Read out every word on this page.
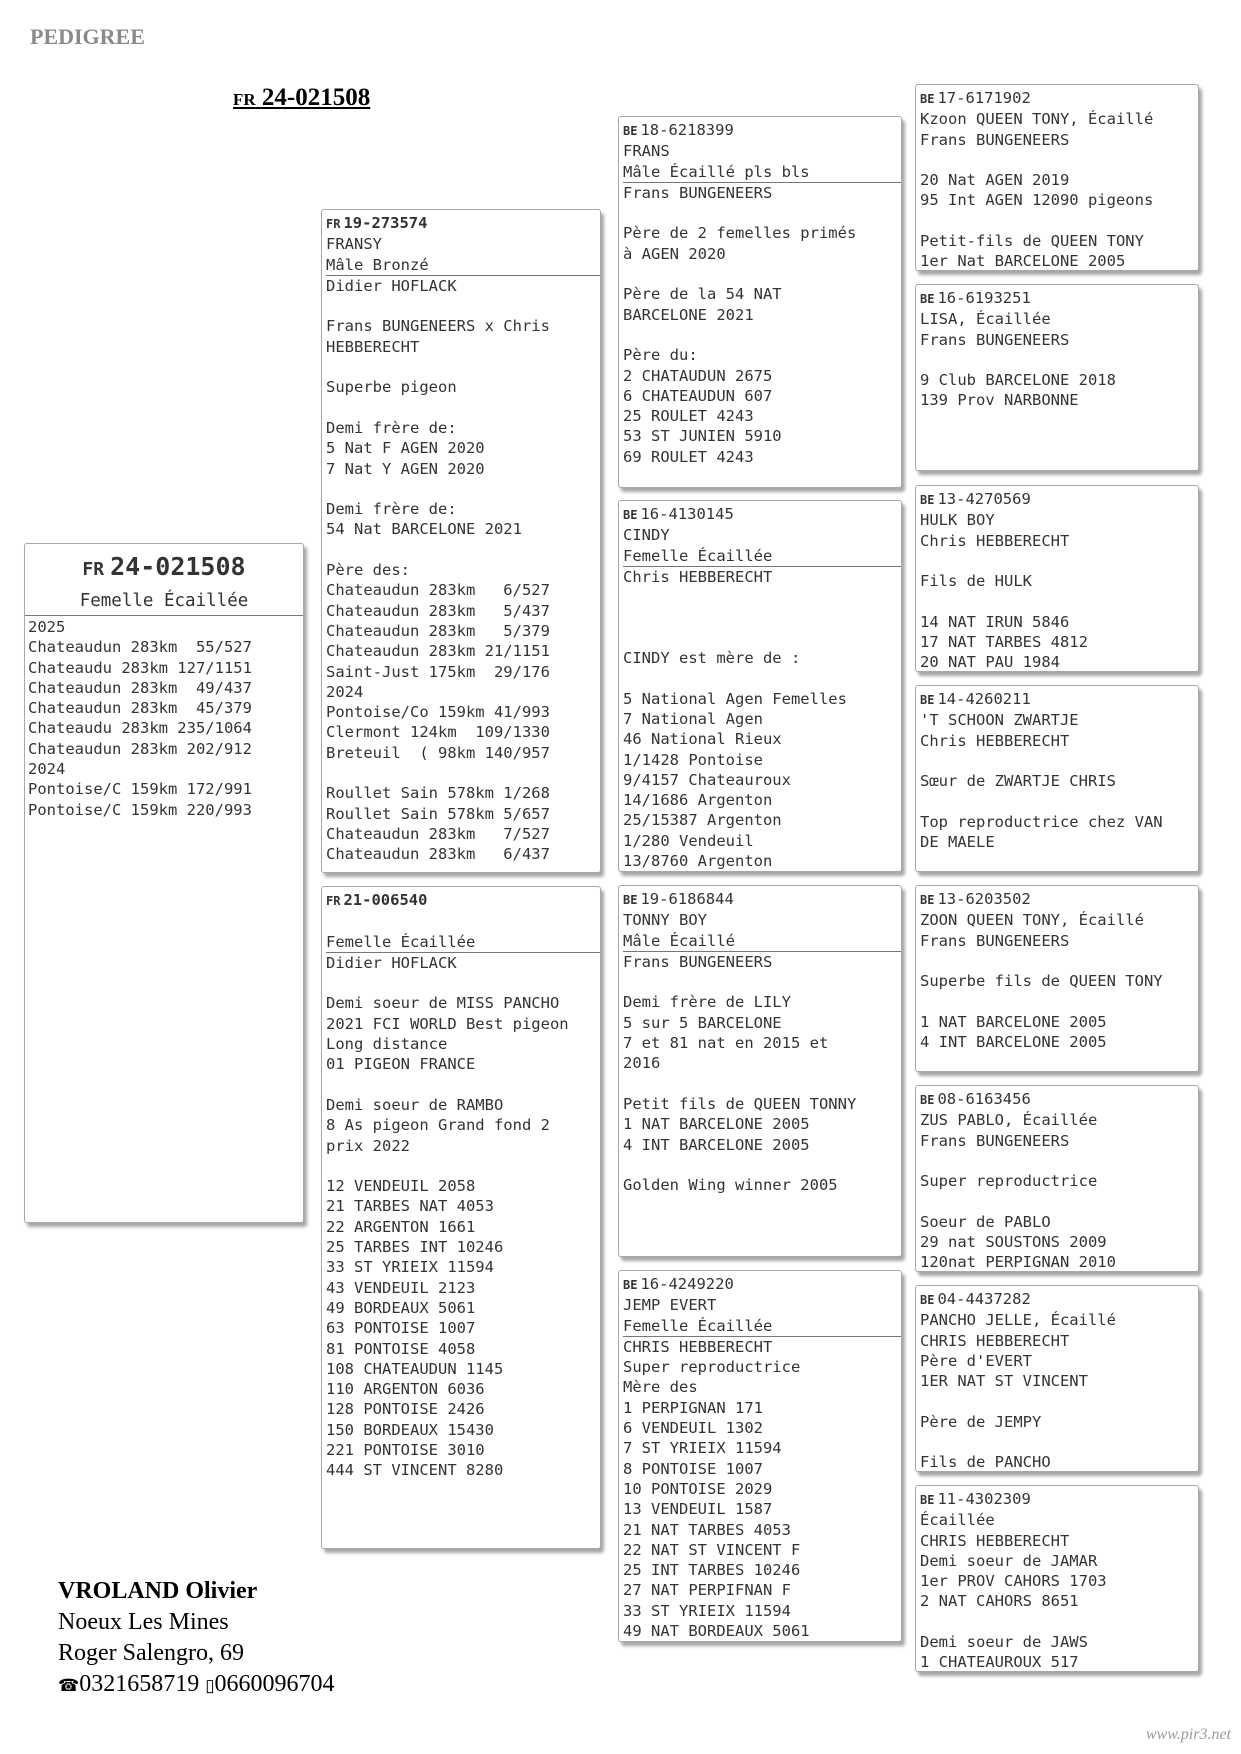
PEDIGREE
FR 24-021508
FR 24-021508
Femelle Écaillée
2025
Chateaudun 283km  55/527
Chateaudu 283km 127/1151
Chateaudun 283km  49/437
Chateaudun 283km  45/379
Chateaudu 283km 235/1064
Chateaudun 283km 202/912
2024
Pontoise/C 159km 172/991
Pontoise/C 159km 220/993
FR 19-273574
FRANSY
Mâle Bronzé
Didier HOFLACK
Frans BUNGENEERS x Chris
HEBBERECHT
Superbe pigeon
Demi frère de:
5 Nat F AGEN 2020
7 Nat Y AGEN 2020
Demi frère de:
54 Nat BARCELONE 2021
Père des:
Chateaudun 283km   6/527
Chateaudun 283km   5/437
Chateaudun 283km   5/379
Chateaudun 283km 21/1151
Saint-Just 175km  29/176
2024
Pontoise/Co 159km 41/993
Clermont 124km  109/1330
Breteuil  ( 98km 140/957
Roullet Sain 578km 1/268
Roullet Sain 578km 5/657
Chateaudun 283km   7/527
Chateaudun 283km   6/437
FR 21-006540
Femelle Écaillée
Didier HOFLACK
Demi soeur de MISS PANCHO
2021 FCI WORLD Best pigeon
Long distance
01 PIGEON FRANCE
Demi soeur de RAMBO
8 As pigeon Grand fond 2
prix 2022
12 VENDEUIL 2058
21 TARBES NAT 4053
22 ARGENTON 1661
25 TARBES INT 10246
33 ST YRIEIX 11594
43 VENDEUIL 2123
49 BORDEAUX 5061
63 PONTOISE 1007
81 PONTOISE 4058
108 CHATEAUDUN 1145
110 ARGENTON 6036
128 PONTOISE 2426
150 BORDEAUX 15430
221 PONTOISE 3010
444 ST VINCENT 8280
BE 18-6218399
FRANS
Mâle Écaillé pls bls
Frans BUNGENEERS
Père de 2 femelles primés
à AGEN 2020
Père de la 54 NAT
BARCELONE 2021
Père du:
2 CHATAUDUN 2675
6 CHATEAUDUN 607
25 ROULET 4243
53 ST JUNIEN 5910
69 ROULET 4243
BE 16-4130145
CINDY
Femelle Écaillée
Chris HEBBERECHT
CINDY est mère de :
5 National Agen Femelles
7 National Agen
46 National Rieux
1/1428 Pontoise
9/4157 Chateauroux
14/1686 Argenton
25/15387 Argenton
1/280 Vendeuil
13/8760 Argenton
BE 19-6186844
TONNY BOY
Mâle Écaillé
Frans BUNGENEERS
Demi frère de LILY
5 sur 5 BARCELONE
7 et 81 nat en 2015 et
2016
Petit fils de QUEEN TONNY
1 NAT BARCELONE 2005
4 INT BARCELONE 2005
Golden Wing winner 2005
BE 16-4249220
JEMP EVERT
Femelle Écaillée
CHRIS HEBBERECHT
Super reproductrice
Mère des
1 PERPIGNAN 171
6 VENDEUIL 1302
7 ST YRIEIX 11594
8 PONTOISE 1007
10 PONTOISE 2029
13 VENDEUIL 1587
21 NAT TARBES 4053
22 NAT ST VINCENT F
25 INT TARBES 10246
27 NAT PERPIFNAN F
33 ST YRIEIX 11594
49 NAT BORDEAUX 5061
BE 17-6171902
Kzoon QUEEN TONY, Écaillé
Frans BUNGENEERS
20 Nat AGEN 2019
95 Int AGEN 12090 pigeons
Petit-fils de QUEEN TONY
1er Nat BARCELONE 2005
BE 16-6193251
LISA, Écaillée
Frans BUNGENEERS
9 Club BARCELONE 2018
139 Prov NARBONNE
BE 13-4270569
HULK BOY
Chris HEBBERECHT
Fils de HULK
14 NAT IRUN 5846
17 NAT TARBES 4812
20 NAT PAU 1984
BE 14-4260211
'T SCHOON ZWARTJE
Chris HEBBERECHT
Sœur de ZWARTJE CHRIS
Top reproductrice chez VAN
DE MAELE
BE 13-6203502
ZOON QUEEN TONY, Écaillé
Frans BUNGENEERS
Superbe fils de QUEEN TONY
1 NAT BARCELONE 2005
4 INT BARCELONE 2005
BE 08-6163456
ZUS PABLO, Écaillée
Frans BUNGENEERS
Super reproductrice
Soeur de PABLO
29 nat SOUSTONS 2009
120nat PERPIGNAN 2010
BE 04-4437282
PANCHO JELLE, Écaillé
CHRIS HEBBERECHT
Père d'EVERT
1ER NAT ST VINCENT
Père de JEMPY
Fils de PANCHO
BE 11-4302309
Écaillée
CHRIS HEBBERECHT
Demi soeur de JAMAR
1er PROV CAHORS 1703
2 NAT CAHORS 8651
Demi soeur de JAWS
1 CHATEAUROUX 517
VROLAND Olivier
Noeux Les Mines
Roger Salengro, 69
☎0321658719 ▯0660096704
www.pir3.net
